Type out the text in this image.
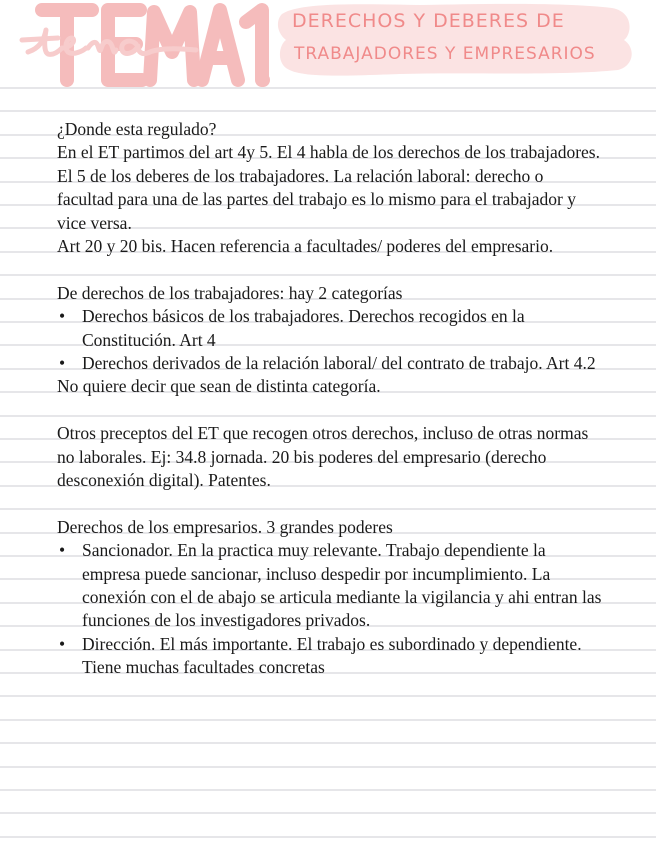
DERECHOS Y DEBERES DE
TRABAJADORES Y EMPRESARIOS

¿Donde esta regulado?

En el ET partimos del art 4y 5. El 4 habla de los derechos de los trabajadores. El 5 de los deberes de los trabajadores. La relación laboral: derecho o facultad para una de las partes del trabajo es lo mismo para el trabajador y vice versa.

Art 20 y 20 bis. Hacen referencia a facultades/ poderes del empresario.

De derechos de los trabajadores: hay 2 categorías

• Derechos básicos de los trabajadores. Derechos recogidos en la Constitución. Art 4
• Derechos derivados de la relación laboral/ del contrato de trabajo. Art 4.2

No quiere decir que sean de distinta categoría.

Otros preceptos del ET que recogen otros derechos, incluso de otras normas no laborales. Ej: 34.8 jornada. 20 bis poderes del empresario (derecho desconexión digital). Patentes.

Derechos de los empresarios. 3 grandes poderes

• Sancionador. En la practica muy relevante. Trabajo dependiente la empresa puede sancionar, incluso despedir por incumplimiento. La conexión con el de abajo se articula mediante la vigilancia y ahi entran las funciones de los investigadores privados.
• Dirección. El más importante. El trabajo es subordinado y dependiente. Tiene muchas facultades concretas
